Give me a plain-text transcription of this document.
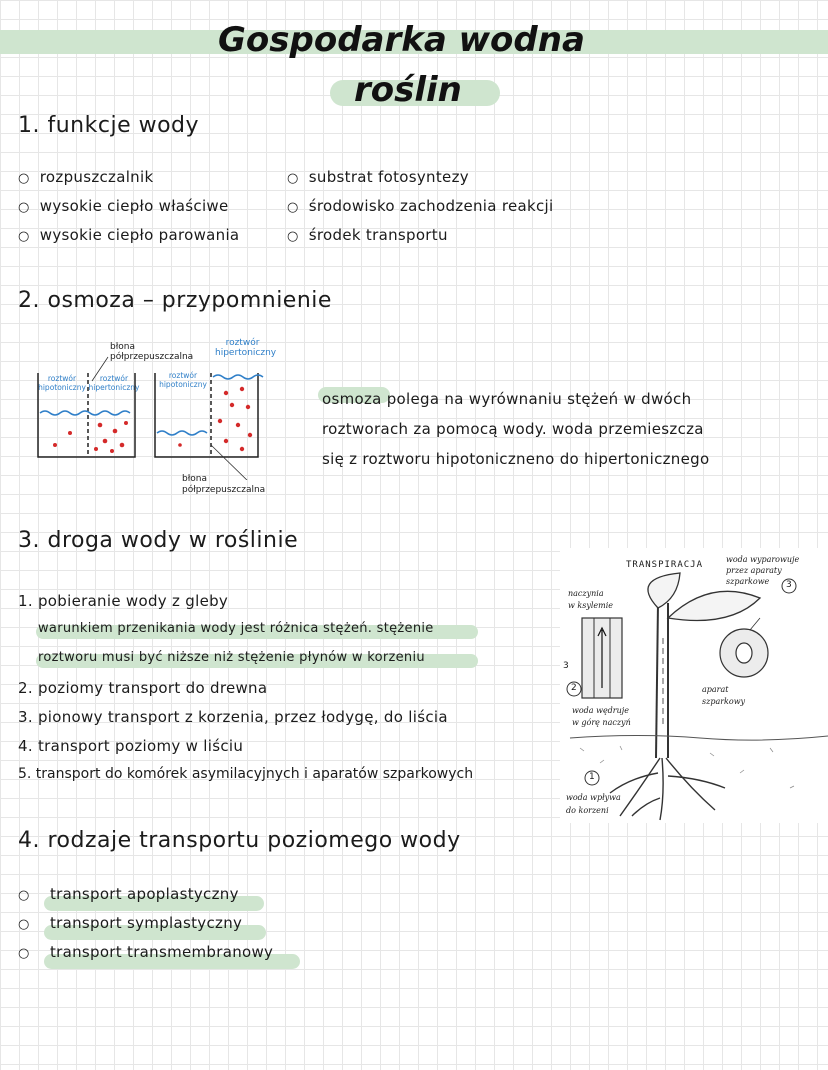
Gospodarka wodna
roślin
1. funkcje wody
○ rozpuszczalnik
○ wysokie ciepło właściwe
○ wysokie ciepło parowania
○ substrat fotosyntezy
○ środowisko zachodzenia reakcji
○ środek transportu
2. osmoza – przypomnienie
błona półprzepuszczalna
roztwór hipertoniczny
roztwór hipotoniczny
roztwór hipertoniczny
roztwór hipotoniczny
błona półprzepuszczalna
osmoza polega na wyrównaniu stężeń w dwóch
roztworach za pomocą wody. woda przemieszcza
się z roztworu hipotoniczneno do hipertonicznego
3. droga wody w roślinie
1. pobieranie wody z gleby
warunkiem przenikania wody jest różnica stężeń. stężenie
roztworu musi być niższe niż stężenie płynów w korzeniu
2. poziomy transport do drewna
3. pionowy transport z korzenia, przez łodygę, do liścia
4. transport poziomy w liściu
5. transport do komórek asymilacyjnych i aparatów szparkowych
TRANSPIRACJA
woda wyparowuje
przez aparaty
szparkowe
naczynia
w ksylemie
woda wędruje
w górę naczyń
aparat
szparkowy
woda wpływa
do korzeni
2
1
3
3
4. rodzaje transportu poziomego wody
○ transport apoplastyczny
○ transport symplastyczny
○ transport transmembranowy
